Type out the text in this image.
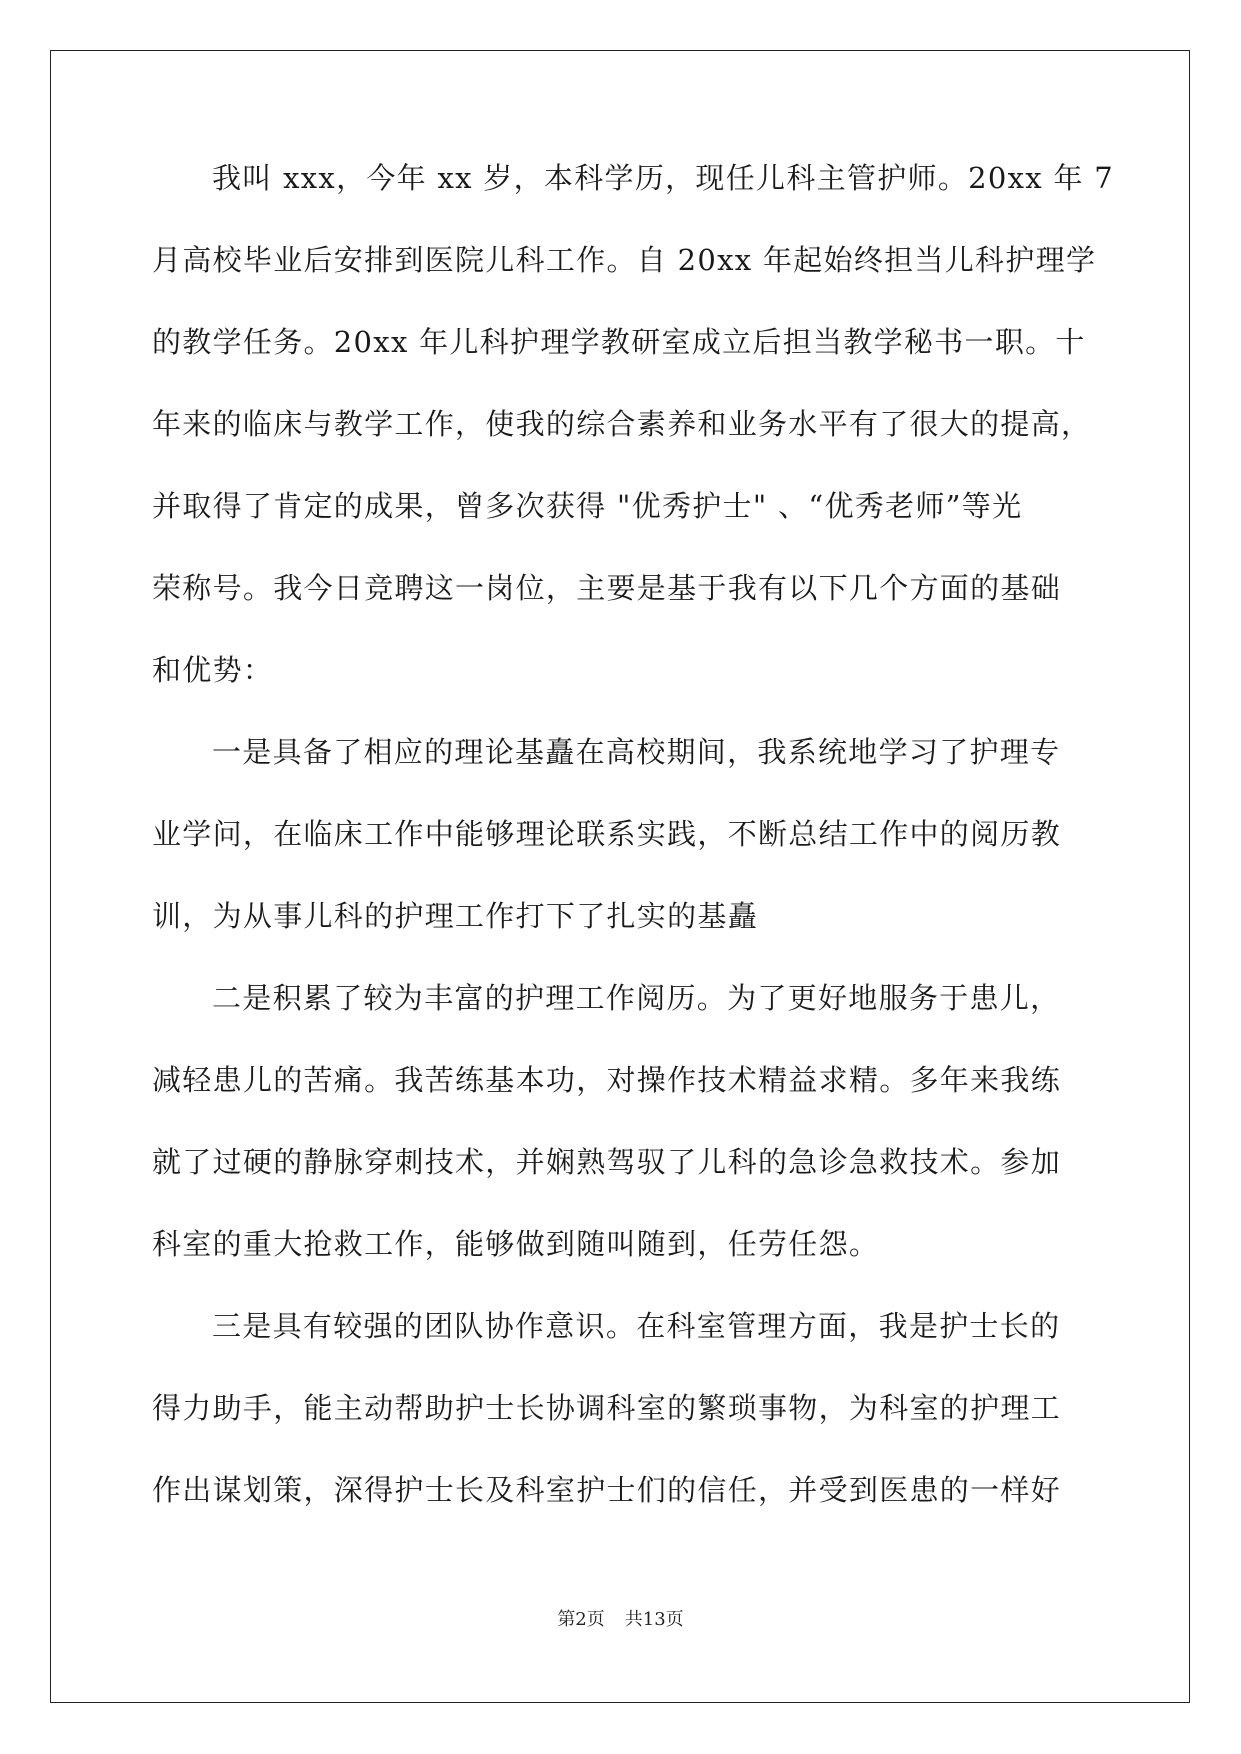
我叫 xxx，今年 xx 岁，本科学历，现任儿科主管护师。20xx 年 7
月高校毕业后安排到医院儿科工作。自 20xx 年起始终担当儿科护理学
的教学任务。20xx 年儿科护理学教研室成立后担当教学秘书一职。十
年来的临床与教学工作，使我的综合素养和业务水平有了很大的提高，
并取得了肯定的成果，曾多次获得 "优秀护士" 、“优秀老师”等光
荣称号。我今日竞聘这一岗位，主要是基于我有以下几个方面的基础
和优势：
一是具备了相应的理论基矗在高校期间，我系统地学习了护理专
业学问，在临床工作中能够理论联系实践，不断总结工作中的阅历教
训，为从事儿科的护理工作打下了扎实的基矗
二是积累了较为丰富的护理工作阅历。为了更好地服务于患儿，
减轻患儿的苦痛。我苦练基本功，对操作技术精益求精。多年来我练
就了过硬的静脉穿刺技术，并娴熟驾驭了儿科的急诊急救技术。参加
科室的重大抢救工作，能够做到随叫随到，任劳任怨。
三是具有较强的团队协作意识。在科室管理方面，我是护士长的
得力助手，能主动帮助护士长协调科室的繁琐事物，为科室的护理工
作出谋划策，深得护士长及科室护士们的信任，并受到医患的一样好
第2页 共13页
